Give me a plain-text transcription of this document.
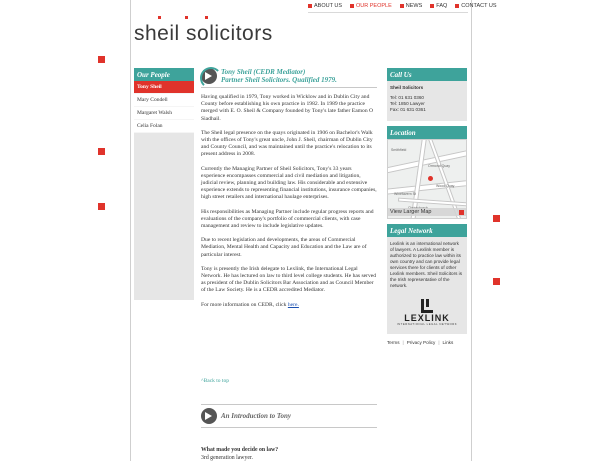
ABOUT US	OUR PEOPLE	NEWS	FAQ	CONTACT US
sheil solicitors
Our People
Tony Sheil
Mary Condell
Margaret Walsh
Celia Folan
Tony Sheil (CEDR Mediator)
Partner Sheil Solicitors. Qualified 1979.

Having qualified in 1979, Tony worked in Wicklow and in Dublin City and County before establishing his own practice in 1982. In 1989 the practice merged with E. O. Sheil & Company founded by Tony's late father Eamon O Siadhail.

The Sheil legal presence on the quays originated in 1906 on Bachelor's Walk with the offices of Tony's great uncle, John J. Sheil, chairman of Dublin City and County Council, and was maintained until the practice's relocation to its present address in 2008.

Currently the Managing Partner of Sheil Solicitors, Tony's 33 years experience encompasses commercial and civil mediation and litigation, judicial review, planning and building law. His considerable and extensive experience extends to representing financial institutions, insurance companies, high street retailers and international haulage enterprises.

His responsibilities as Managing Partner include regular progress reports and evaluations of the company's portfolio of commercial clients, with case management and review to include legislative updates.

Due to recent legislation and developments, the areas of Commercial Mediation, Mental Health and Capacity and Education and the Law are of particular interest.

Tony is presently the Irish delegate to Lexlink, the International Legal Network. He has lectured on law to third level college students. He has served as president of the Dublin Solicitors Bar Association and as Council Member of the Law Society. He is a CEDR accredited Mediator.

For more information on CEDR, click here.

^Back to top
An Introduction to Tony
What made you decide on law?
3rd generation lawyer.
Call Us
Sheil Solicitors
Tel: 01 631 0360
Tel: 1850 Lawyer
Fax: 01 631 0361
Location
Smithfield
Ormond Quay
Wood Quay
Winetavern St
View Larger Map
Legal Network
Lexlink is an international network of lawyers. A Lexlink member is authorized to practice law within its own country and can provide legal services there for clients of other Lexlink members. Sheil Solicitors is the Irish representative of the network.
LEXLINK
INTERNATIONAL LEGAL NETWORK
Terms | Privacy Policy | Links
